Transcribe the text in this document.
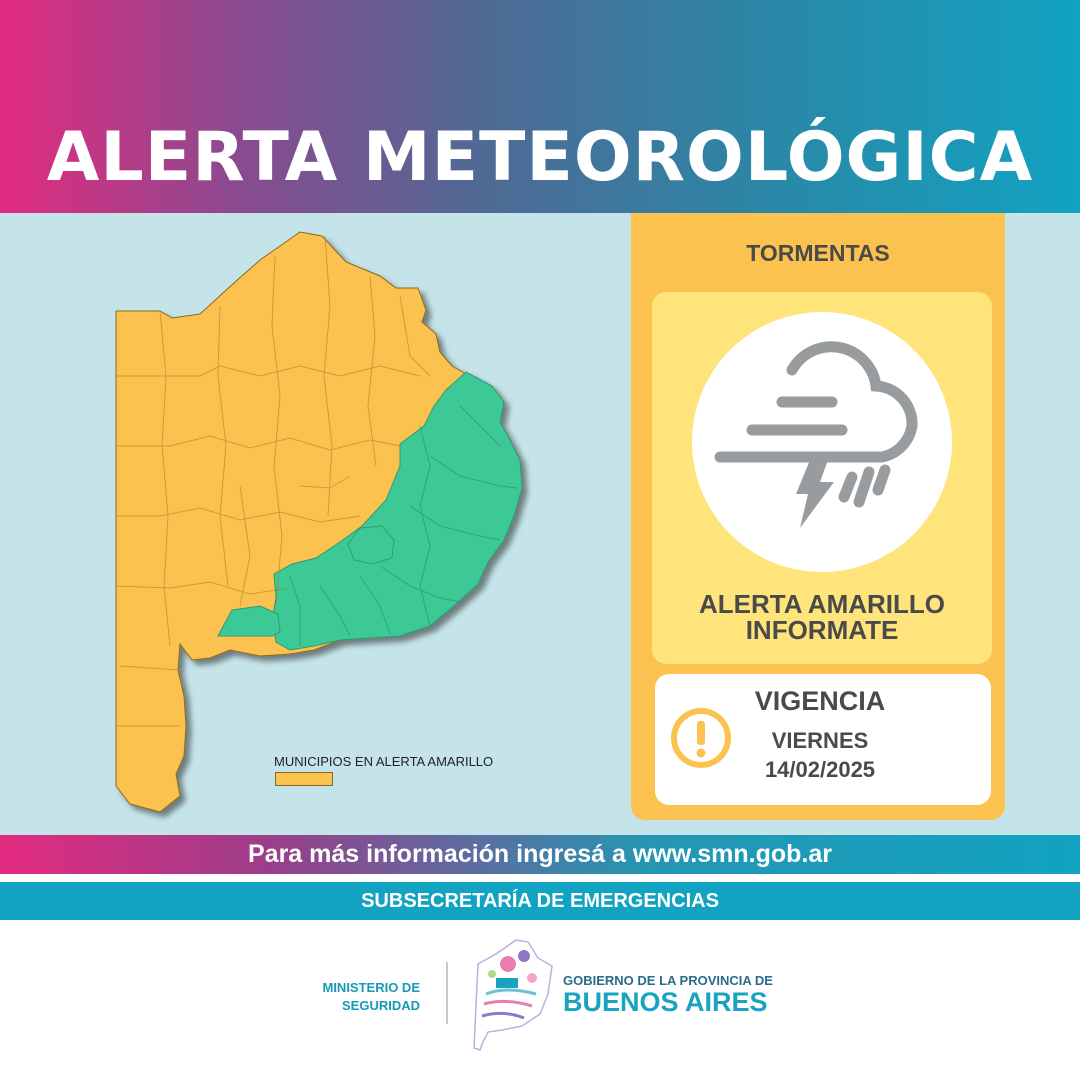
ALERTA METEOROLÓGICA
MUNICIPIOS EN ALERTA AMARILLO
TORMENTAS
ALERTA AMARILLO
INFORMATE
VIGENCIA
VIERNES
14/02/2025
Para más información ingresá a www.smn.gob.ar
SUBSECRETARÍA DE EMERGENCIAS
MINISTERIO DE
SEGURIDAD
GOBIERNO DE LA PROVINCIA DE
BUENOS AIRES
